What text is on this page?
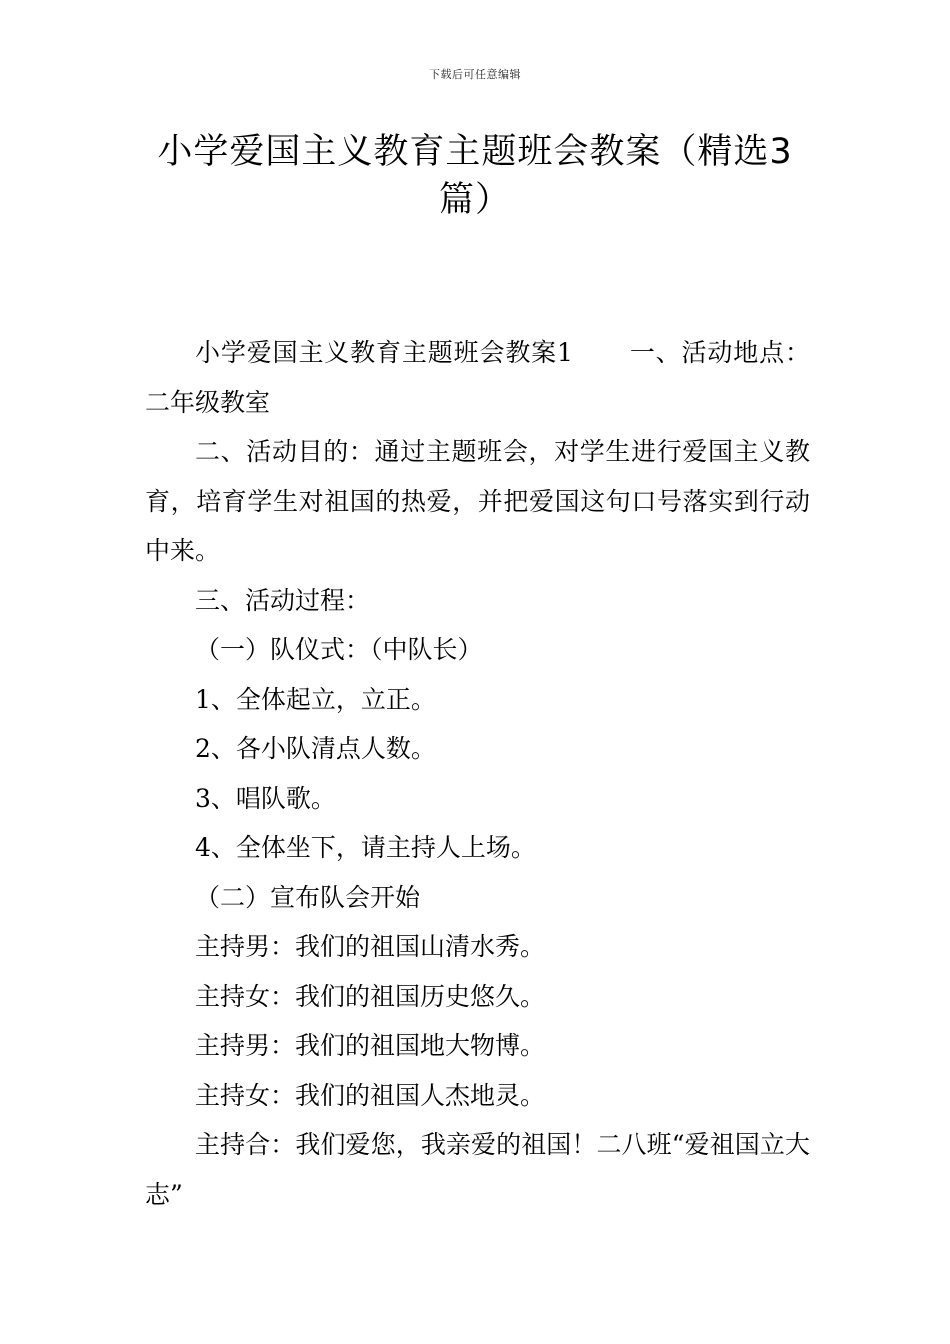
下载后可任意编辑
小学爱国主义教育主题班会教案（精选3
篇）

小学爱国主义教育主题班会教案1 一、活动地点：二年级教室

二、活动目的：通过主题班会，对学生进行爱国主义教育，培育学生对祖国的热爱，并把爱国这句口号落实到行动中来。

三、活动过程：

（一）队仪式：（中队长）

1、全体起立，立正。

2、各小队清点人数。

3、唱队歌。

4、全体坐下，请主持人上场。

（二）宣布队会开始

主持男：我们的祖国山清水秀。

主持女：我们的祖国历史悠久。

主持男：我们的祖国地大物博。

主持女：我们的祖国人杰地灵。

主持合：我们爱您，我亲爱的祖国！二八班“爱祖国立大志”
